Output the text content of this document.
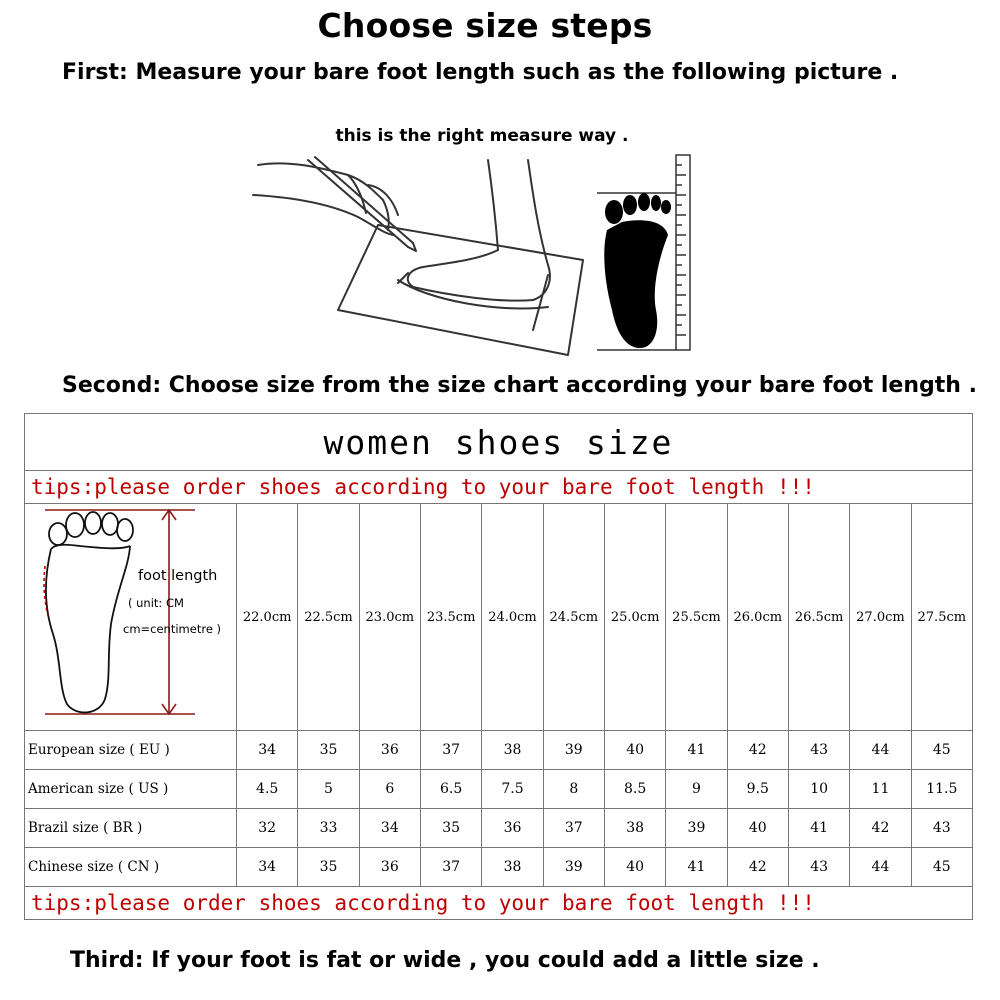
Choose size steps
First: Measure your bare foot length such as the following picture .
this is the right measure way .
Second: Choose size from the size chart according your bare foot length .
women shoes size												
tips:please order shoes according to your bare foot length !!!												

foot length
( unit: CM
cm=centimetre )	22.0cm	22.5cm	23.0cm	23.5cm	24.0cm	24.5cm	25.0cm	25.5cm	26.0cm	26.5cm	27.0cm	27.5cm
European size ( EU )	34	35	36	37	38	39	40	41	42	43	44	45
American size ( US )	4.5	5	6	6.5	7.5	8	8.5	9	9.5	10	11	11.5
Brazil size ( BR )	32	33	34	35	36	37	38	39	40	41	42	43
Chinese size ( CN )	34	35	36	37	38	39	40	41	42	43	44	45
tips:please order shoes according to your bare foot length !!!												
Third: If your foot is fat or wide , you could add a little size .
